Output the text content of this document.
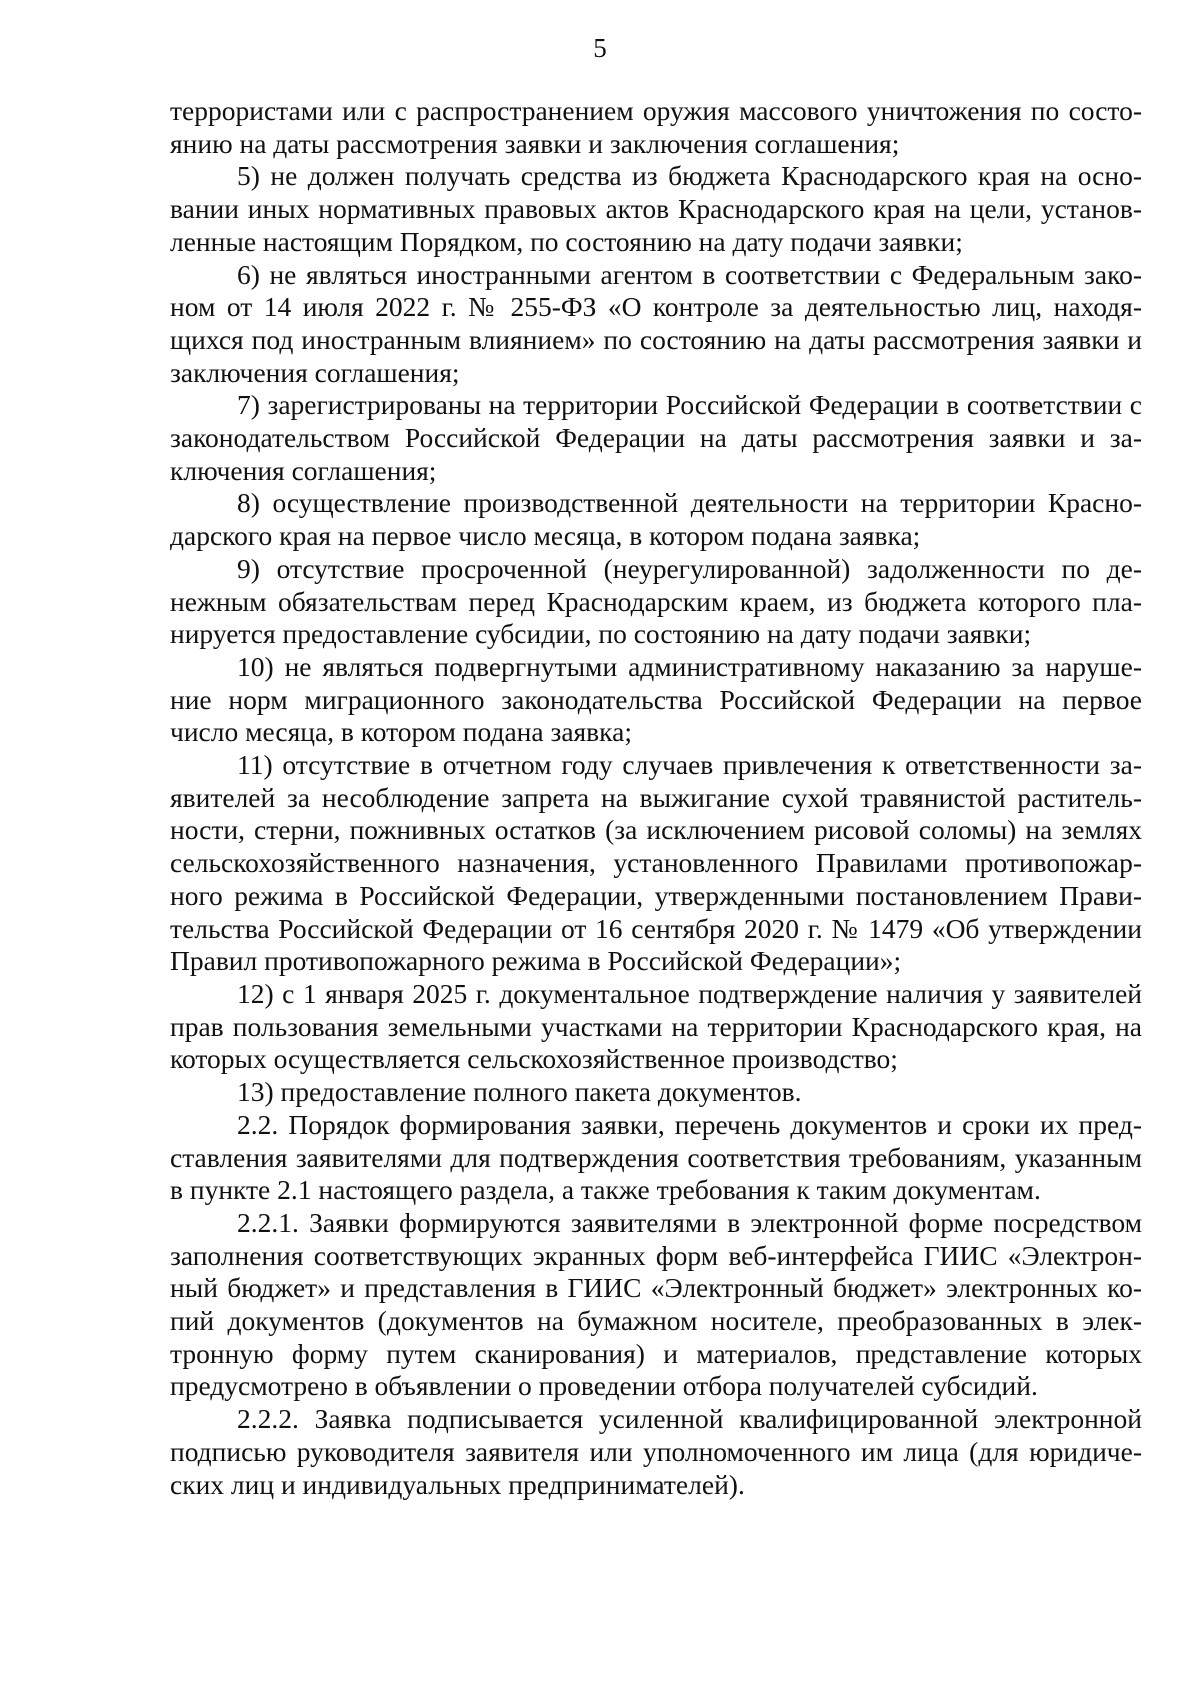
5

террористами или с распространением оружия массового уничтожения по состоянию на даты рассмотрения заявки и заключения соглашения;

5) не должен получать средства из бюджета Краснодарского края на основании иных нормативных правовых актов Краснодарского края на цели, установленные настоящим Порядком, по состоянию на дату подачи заявки;

6) не являться иностранными агентом в соответствии с Федеральным законом от 14 июля 2022 г. № 255-ФЗ «О контроле за деятельностью лиц, находящихся под иностранным влиянием» по состоянию на даты рассмотрения заявки и заключения соглашения;

7) зарегистрированы на территории Российской Федерации в соответствии с законодательством Российской Федерации на даты рассмотрения заявки и заключения соглашения;

8) осуществление производственной деятельности на территории Краснодарского края на первое число месяца, в котором подана заявка;

9) отсутствие просроченной (неурегулированной) задолженности по денежным обязательствам перед Краснодарским краем, из бюджета которого планируется предоставление субсидии, по состоянию на дату подачи заявки;

10) не являться подвергнутыми административному наказанию за нарушение норм миграционного законодательства Российской Федерации на первое число месяца, в котором подана заявка;

11) отсутствие в отчетном году случаев привлечения к ответственности заявителей за несоблюдение запрета на выжигание сухой травянистой растительности, стерни, пожнивных остатков (за исключением рисовой соломы) на землях сельскохозяйственного назначения, установленного Правилами противопожарного режима в Российской Федерации, утвержденными постановлением Правительства Российской Федерации от 16 сентября 2020 г. № 1479 «Об утверждении Правил противопожарного режима в Российской Федерации»;

12) с 1 января 2025 г. документальное подтверждение наличия у заявителей прав пользования земельными участками на территории Краснодарского края, на которых осуществляется сельскохозяйственное производство;

13) предоставление полного пакета документов.

2.2. Порядок формирования заявки, перечень документов и сроки их представления заявителями для подтверждения соответствия требованиям, указанным в пункте 2.1 настоящего раздела, а также требования к таким документам.

2.2.1. Заявки формируются заявителями в электронной форме посредством заполнения соответствующих экранных форм веб-интерфейса ГИИС «Электронный бюджет» и представления в ГИИС «Электронный бюджет» электронных копий документов (документов на бумажном носителе, преобразованных в электронную форму путем сканирования) и материалов, представление которых предусмотрено в объявлении о проведении отбора получателей субсидий.

2.2.2. Заявка подписывается усиленной квалифицированной электронной подписью руководителя заявителя или уполномоченного им лица (для юридических лиц и индивидуальных предпринимателей).
